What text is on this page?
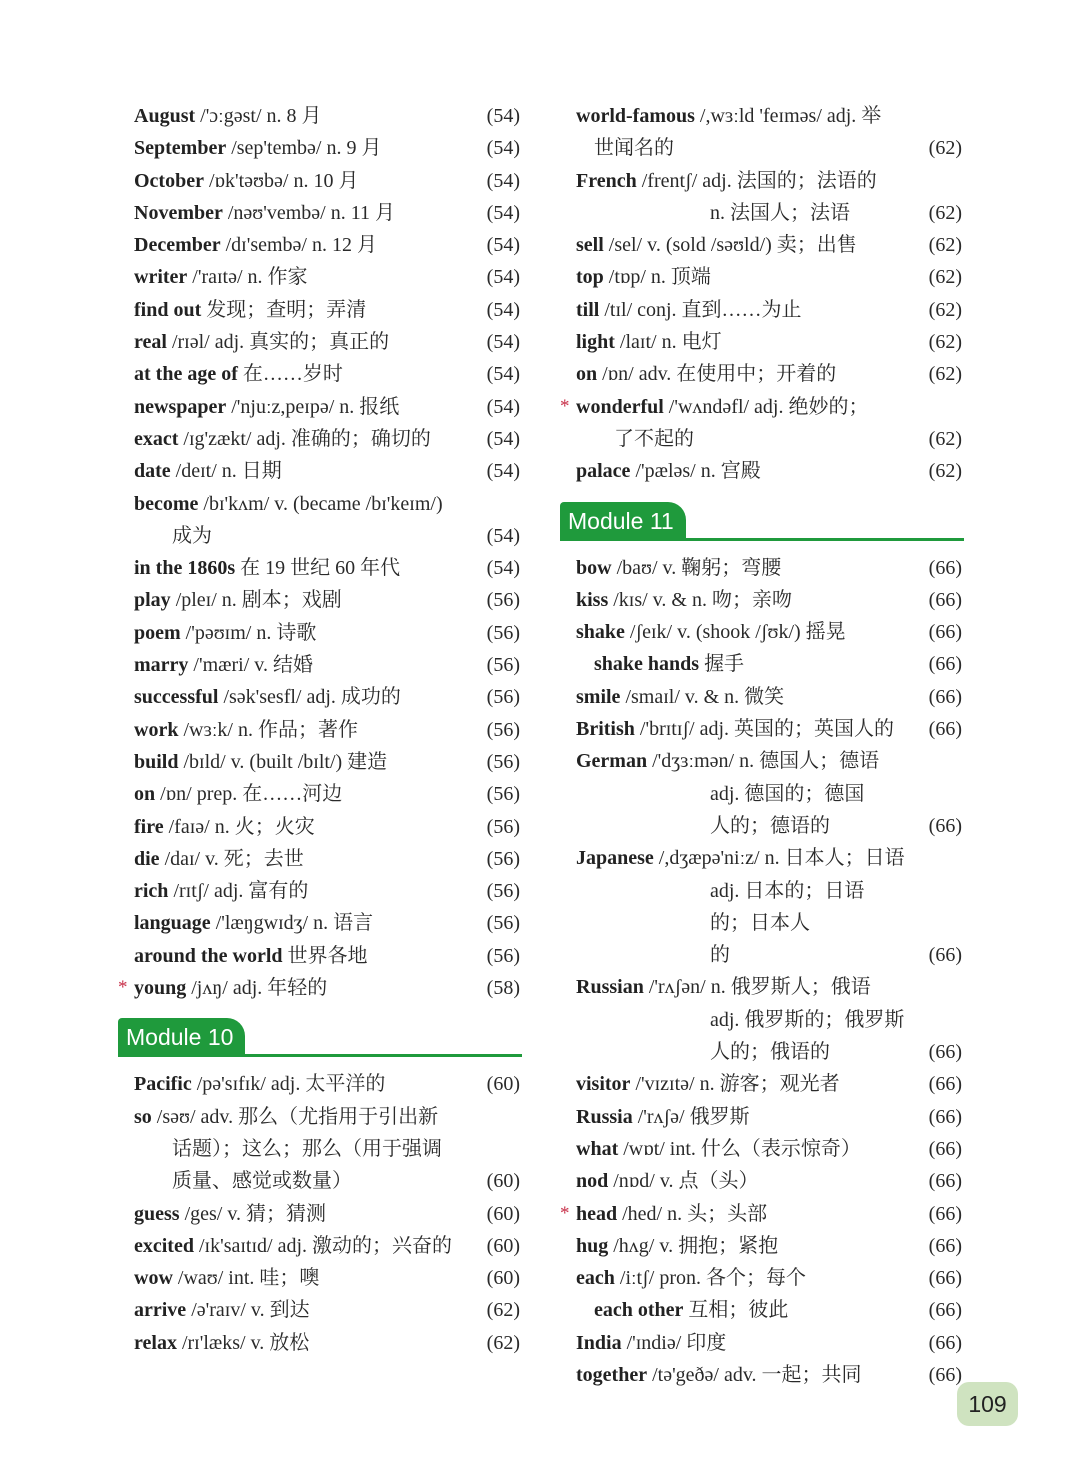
August /'ɔːgəst/ n. 8 月	(54)
September /sep'tembə/ n. 9 月	(54)
October /ɒk'təʊbə/ n. 10 月	(54)
November /nəʊ'vembə/ n. 11 月	(54)
December /dɪ'sembə/ n. 12 月	(54)
writer /'raɪtə/ n. 作家	(54)
find out 发现；查明；弄清	(54)
real /rɪəl/ adj. 真实的；真正的	(54)
at the age of 在……岁时	(54)
newspaper /'njuːz,peɪpə/ n. 报纸	(54)
exact /ɪg'zækt/ adj. 准确的；确切的	(54)
date /deɪt/ n. 日期	(54)
become /bɪ'kʌm/ v. (became /bɪ'keɪm/)
成为	(54)
in the 1860s 在 19 世纪 60 年代	(54)
play /pleɪ/ n. 剧本；戏剧	(56)
poem /'pəʊɪm/ n. 诗歌	(56)
marry /'mæri/ v. 结婚	(56)
successful /sək'sesfl/ adj. 成功的	(56)
work /wɜːk/ n. 作品；著作	(56)
build /bɪld/ v. (built /bɪlt/) 建造	(56)
on /ɒn/ prep. 在……河边	(56)
fire /faɪə/ n. 火；火灾	(56)
die /daɪ/ v. 死；去世	(56)
rich /rɪtʃ/ adj. 富有的	(56)
language /'læŋgwɪdʒ/ n. 语言	(56)
around the world 世界各地	(56)
* young /jʌŋ/ adj. 年轻的	(58)
Module 10
Pacific /pə'sɪfɪk/ adj. 太平洋的	(60)
so /səʊ/ adv. 那么（尤指用于引出新
话题）；这么；那么（用于强调
质量、感觉或数量）	(60)
guess /ges/ v. 猜；猜测	(60)
excited /ɪk'saɪtɪd/ adj. 激动的；兴奋的	(60)
wow /waʊ/ int. 哇；噢	(60)
arrive /ə'raɪv/ v. 到达	(62)
relax /rɪ'læks/ v. 放松	(62)
world-famous /,wɜːld 'feɪməs/ adj. 举
世闻名的	(62)
French /frentʃ/ adj. 法国的；法语的
n. 法国人；法语	(62)
sell /sel/ v. (sold /səʊld/) 卖；出售	(62)
top /tɒp/ n. 顶端	(62)
till /tɪl/ conj. 直到……为止	(62)
light /laɪt/ n. 电灯	(62)
on /ɒn/ adv. 在使用中；开着的	(62)
* wonderful /'wʌndəfl/ adj. 绝妙的；
了不起的	(62)
palace /'pæləs/ n. 宫殿	(62)
Module 11
bow /baʊ/ v. 鞠躬；弯腰	(66)
kiss /kɪs/ v. & n. 吻；亲吻	(66)
shake /ʃeɪk/ v. (shook /ʃʊk/) 摇晃	(66)
shake hands 握手	(66)
smile /smaɪl/ v. & n. 微笑	(66)
British /'brɪtɪʃ/ adj. 英国的；英国人的	(66)
German /'dʒɜːmən/ n. 德国人；德语
adj. 德国的；德国
人的；德语的	(66)
Japanese /,dʒæpə'niːz/ n. 日本人；日语
adj. 日本的；日语
的；日本人
的	(66)
Russian /'rʌʃən/ n. 俄罗斯人；俄语
adj. 俄罗斯的；俄罗斯
人的；俄语的	(66)
visitor /'vɪzɪtə/ n. 游客；观光者	(66)
Russia /'rʌʃə/ 俄罗斯	(66)
what /wɒt/ int. 什么（表示惊奇）	(66)
nod /nɒd/ v. 点（头）	(66)
* head /hed/ n. 头；头部	(66)
hug /hʌg/ v. 拥抱；紧抱	(66)
each /iːtʃ/ pron. 各个；每个	(66)
each other 互相；彼此	(66)
India /'ɪndiə/ 印度	(66)
together /tə'geðə/ adv. 一起；共同	(66)
109
